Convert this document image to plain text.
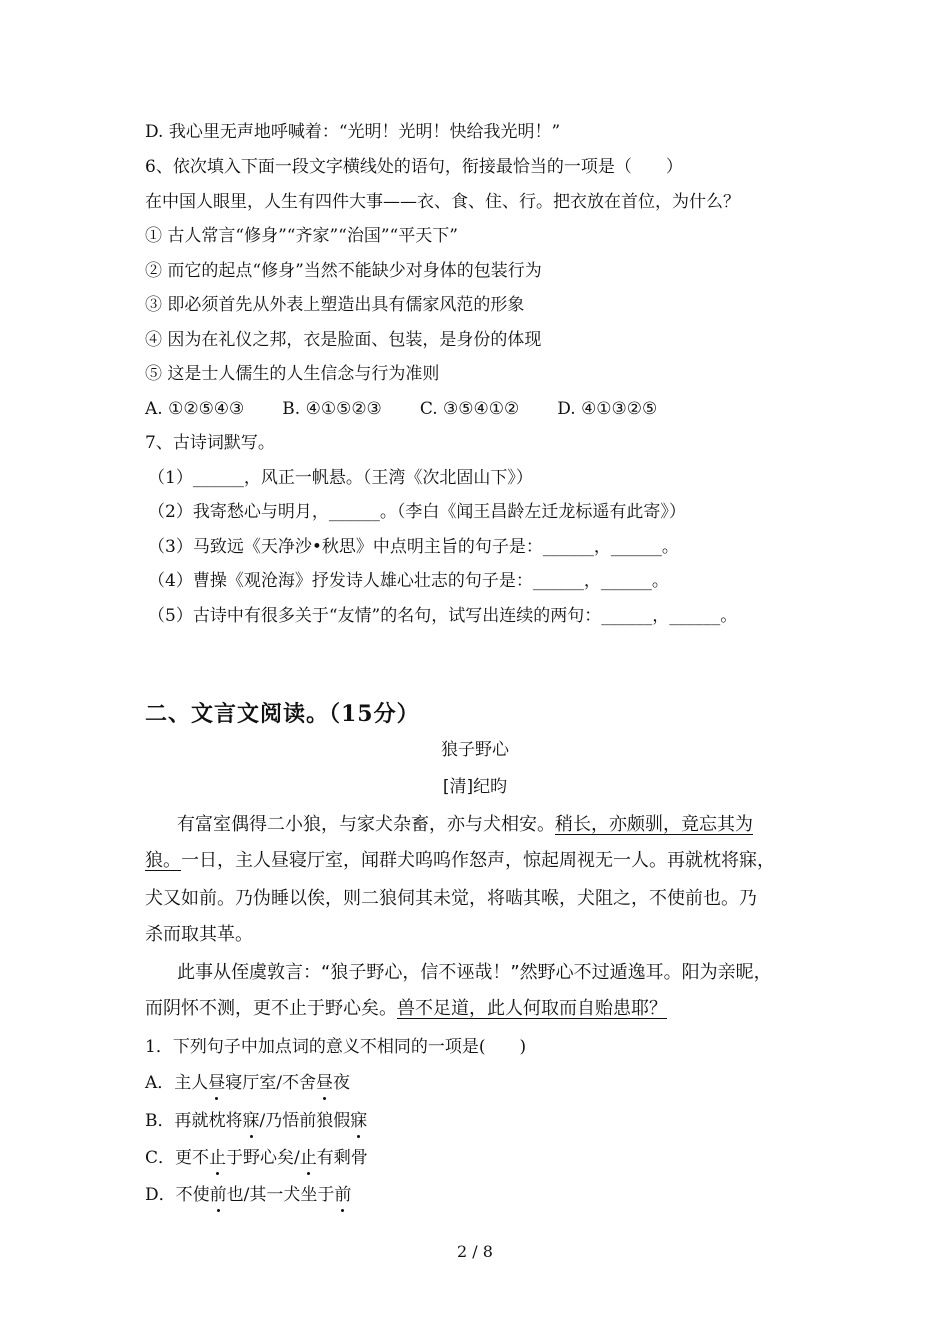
D. 我心里无声地呼喊着：“光明！光明！快给我光明！”
6、依次填入下面一段文字横线处的语句，衔接最恰当的一项是（　　）
在中国人眼里，人生有四件大事——衣、食、住、行。把衣放在首位，为什么？
① 古人常言“修身”“齐家”“治国”“平天下”
② 而它的起点“修身”当然不能缺少对身体的包装行为
③ 即必须首先从外表上塑造出具有儒家风范的形象
④ 因为在礼仪之邦，衣是脸面、包装，是身份的体现
⑤ 这是士人儒生的人生信念与行为准则
A. ①②⑤④③ B. ④①⑤②③ C. ③⑤④①② D. ④①③②⑤
7、古诗词默写。
（1）______，风正一帆悬。（王湾《次北固山下》）
（2）我寄愁心与明月，______。（李白《闻王昌龄左迁龙标遥有此寄》）
（3）马致远《天净沙•秋思》中点明主旨的句子是：______，______。
（4）曹操《观沧海》抒发诗人雄心壮志的句子是：______，______。
（5）古诗中有很多关于“友情”的名句，试写出连续的两句：______，______。
二、文言文阅读。（15分）
狼子野心
[清]纪昀
有富室偶得二小狼，与家犬杂畜，亦与犬相安。稍长，亦颇驯，竟忘其为
狼。一日，主人昼寝厅室，闻群犬呜呜作怒声，惊起周视无一人。再就枕将寐，
犬又如前。乃伪睡以俟，则二狼伺其未觉，将啮其喉，犬阻之，不使前也。乃
杀而取其革。
此事从侄虞敦言：“狼子野心，信不诬哉！”然野心不过遁逸耳。阳为亲昵，
而阴怀不测，更不止于野心矣。兽不足道，此人何取而自贻患耶？
1．下列句子中加点词的意义不相同的一项是(　　)
A．主人昼寝厅室/不舍昼夜
B．再就枕将寐/乃悟前狼假寐
C．更不止于野心矣/止有剩骨
D．不使前也/其一犬坐于前
2 / 8
